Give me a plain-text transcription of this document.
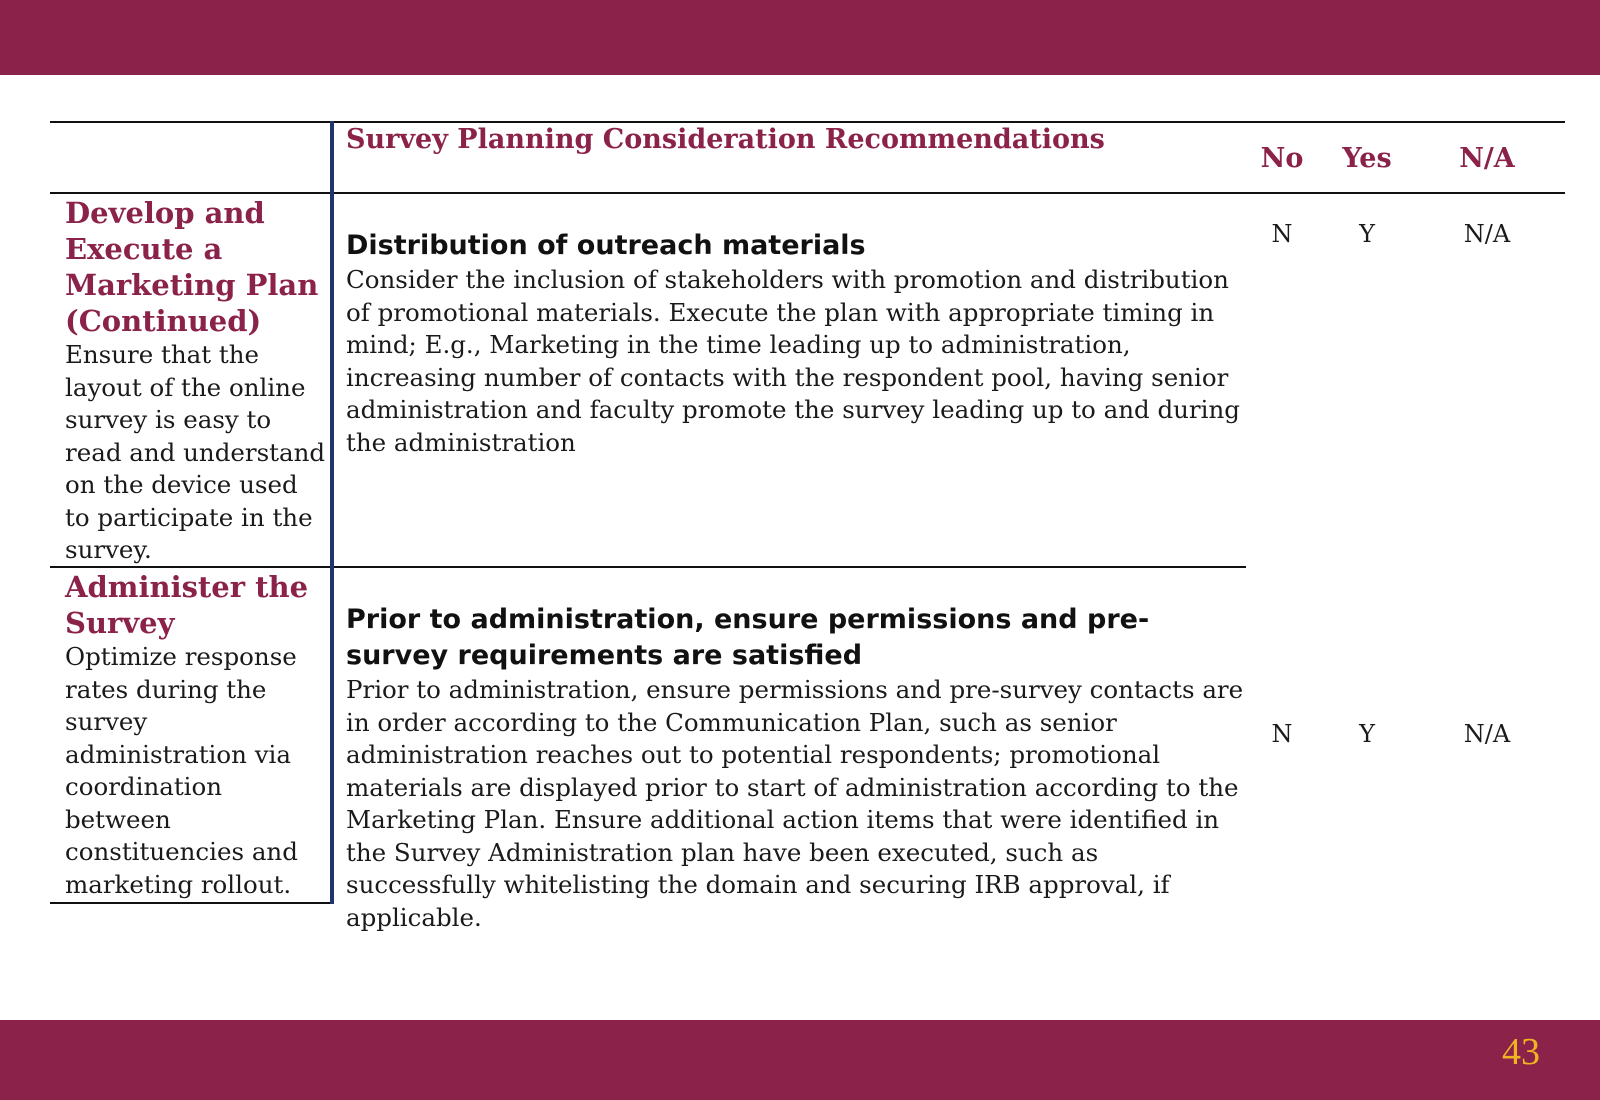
Survey Planning Consideration Recommendations
No	Yes	N/A
Develop and Execute a Marketing Plan (Continued)
Ensure that the layout of the online survey is easy to read and understand on the device used to participate in the survey.
Distribution of outreach materials
Consider the inclusion of stakeholders with promotion and distribution of promotional materials. Execute the plan with appropriate timing in mind; E.g., Marketing in the time leading up to administration, increasing number of contacts with the respondent pool, having senior administration and faculty promote the survey leading up to and during the administration
N	Y	N/A
Administer the Survey
Optimize response rates during the survey administration via coordination between constituencies and marketing rollout.
Prior to administration, ensure permissions and pre-survey requirements are satisfied
Prior to administration, ensure permissions and pre-survey contacts are in order according to the Communication Plan, such as senior administration reaches out to potential respondents; promotional materials are displayed prior to start of administration according to the Marketing Plan. Ensure additional action items that were identified in the Survey Administration plan have been executed, such as successfully whitelisting the domain and securing IRB approval, if applicable.
N	Y	N/A
43
